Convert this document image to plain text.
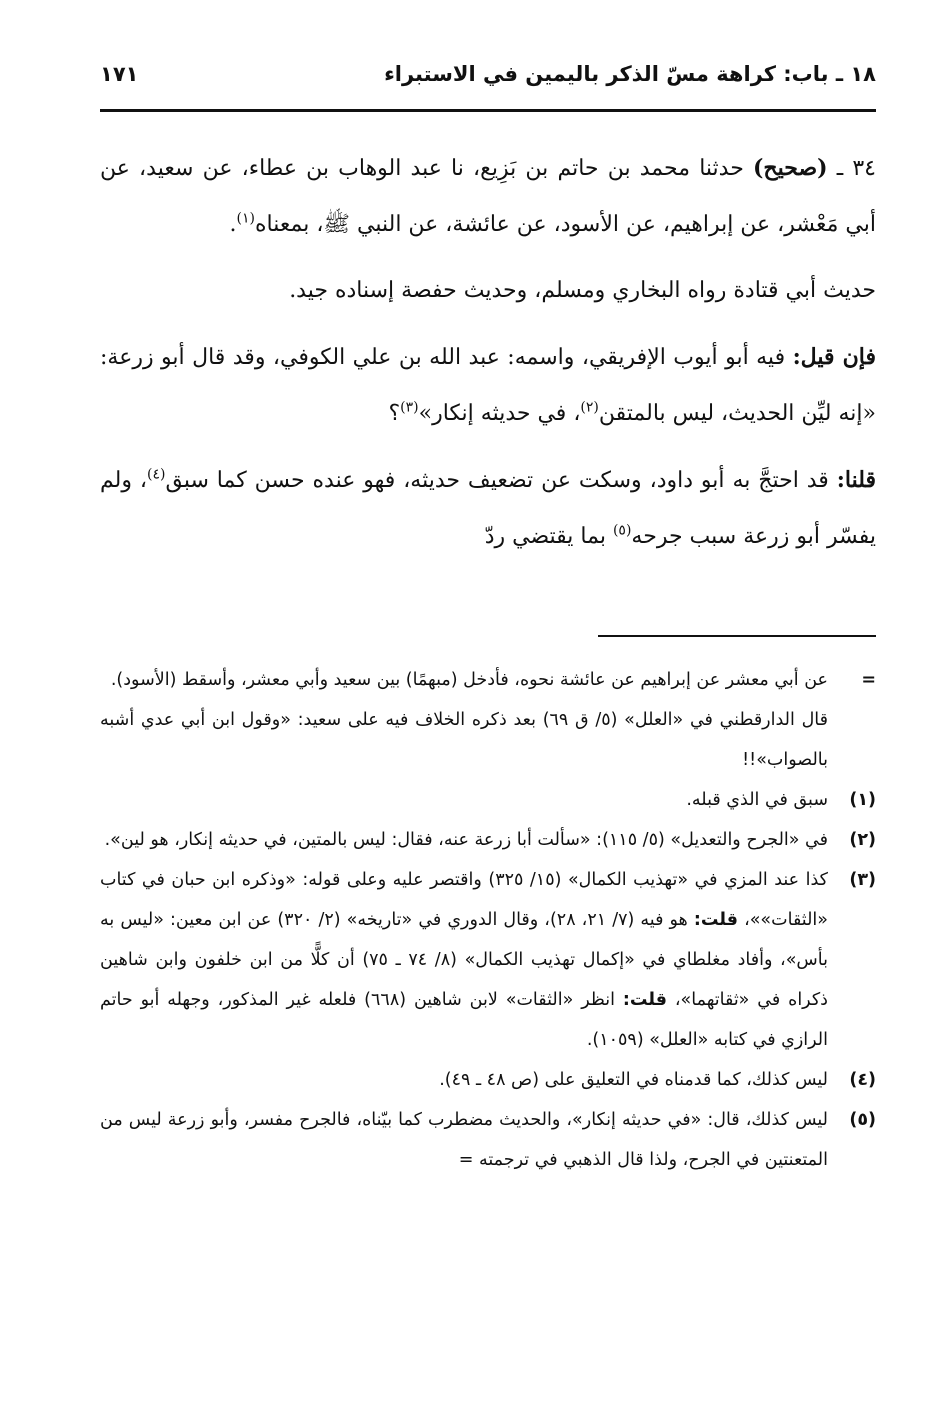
١٨ ـ باب: كراهة مسّ الذكر باليمين في الاستبراء
١٧١

٣٤ ـ (صحيح) حدثنا محمد بن حاتم بن بَزِيع، نا عبد الوهاب بن عطاء، عن سعيد، عن أبي مَعْشر، عن إبراهيم، عن الأسود، عن عائشة، عن النبي ﷺ، بمعناه$^{(١)}$.

حديث أبي قتادة رواه البخاري ومسلم، وحديث حفصة إسناده جيد.

فإن قيل: فيه أبو أيوب الإفريقي، واسمه: عبد الله بن علي الكوفي، وقد قال أبو زرعة: «إنه ليِّن الحديث، ليس بالمتقن$^{(٢)}$، في حديثه إنكار»$^{(٣)}$؟

قلنا: قد احتجَّ به أبو داود، وسكت عن تضعيف حديثه، فهو عنده حسن كما سبق$^{(٤)}$، ولم يفسّر أبو زرعة سبب جرحه$^{(٥)}$ بما يقتضي ردّ

=
عن أبي معشر عن إبراهيم عن عائشة نحوه، فأدخل (مبهمًا) بين سعيد وأبي معشر، وأسقط (الأسود).
قال الدارقطني في «العلل» (٥/ ق ٦٩) بعد ذكره الخلاف فيه على سعيد: «وقول ابن أبي عدي أشبه بالصواب»!!
(١)
سبق في الذي قبله.
(٢)
في «الجرح والتعديل» (٥/ ١١٥): «سألت أبا زرعة عنه، فقال: ليس بالمتين، في حديثه إنكار، هو لين».
(٣)
كذا عند المزي في «تهذيب الكمال» (١٥/ ٣٢٥) واقتصر عليه وعلى قوله: «وذكره ابن حبان في كتاب «الثقات»»، قلت: هو فيه (٧/ ٢١، ٢٨)، وقال الدوري في «تاريخه» (٢/ ٣٢٠) عن ابن معين: «ليس به بأس»، وأفاد مغلطاي في «إكمال تهذيب الكمال» (٨/ ٧٤ ـ ٧٥) أن كلًّا من ابن خلفون وابن شاهين ذكراه في «ثقاتهما»، قلت: انظر «الثقات» لابن شاهين (٦٦٨) فلعله غير المذكور، وجهله أبو حاتم الرازي في كتابه «العلل» (١٠٥٩).
(٤)
ليس كذلك، كما قدمناه في التعليق على (ص ٤٨ ـ ٤٩).
(٥)
ليس كذلك، قال: «في حديثه إنكار»، والحديث مضطرب كما بيّناه، فالجرح مفسر، وأبو زرعة ليس من المتعنتين في الجرح، ولذا قال الذهبي في ترجمته =
